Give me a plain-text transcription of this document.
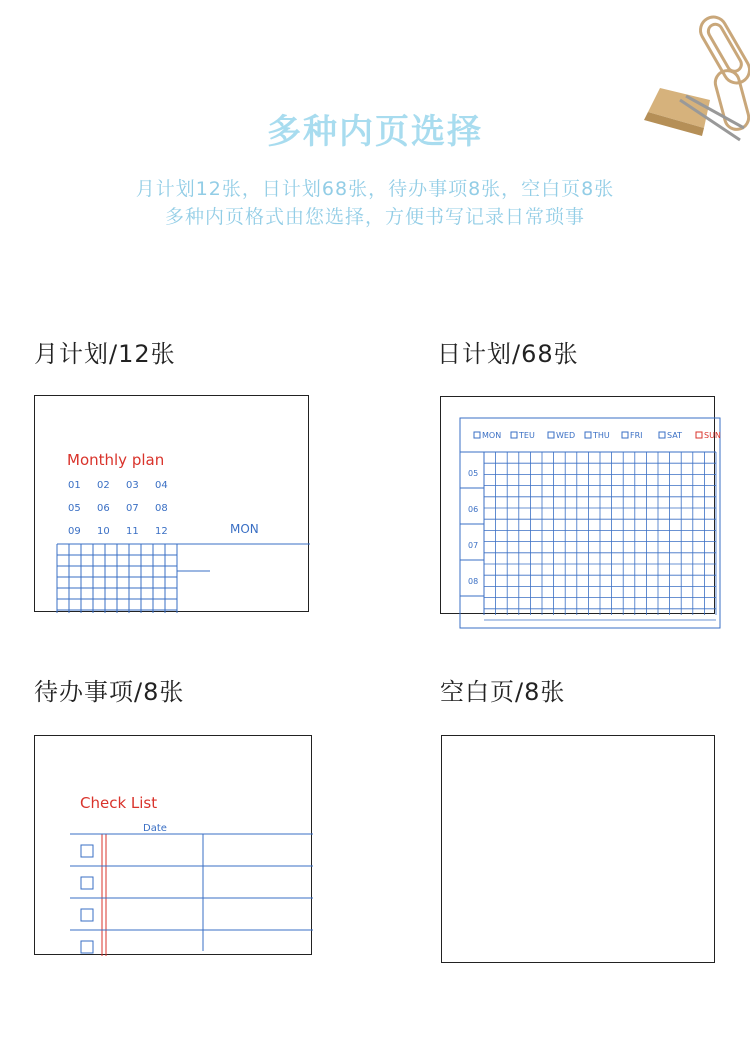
多种内页选择
月计划12张，日计划68张，待办事项8张，空白页8张
多种内页格式由您选择，方便书写记录日常琐事
月计划/12张
Monthly plan
01 02 03 04
05 06 07 08
09 10 11 12	MON
日计划/68张
MON TEU	WED THU	FRI	SAT	SUN
05
06
07
08
待办事项/8张
Check List
Date
空白页/8张
